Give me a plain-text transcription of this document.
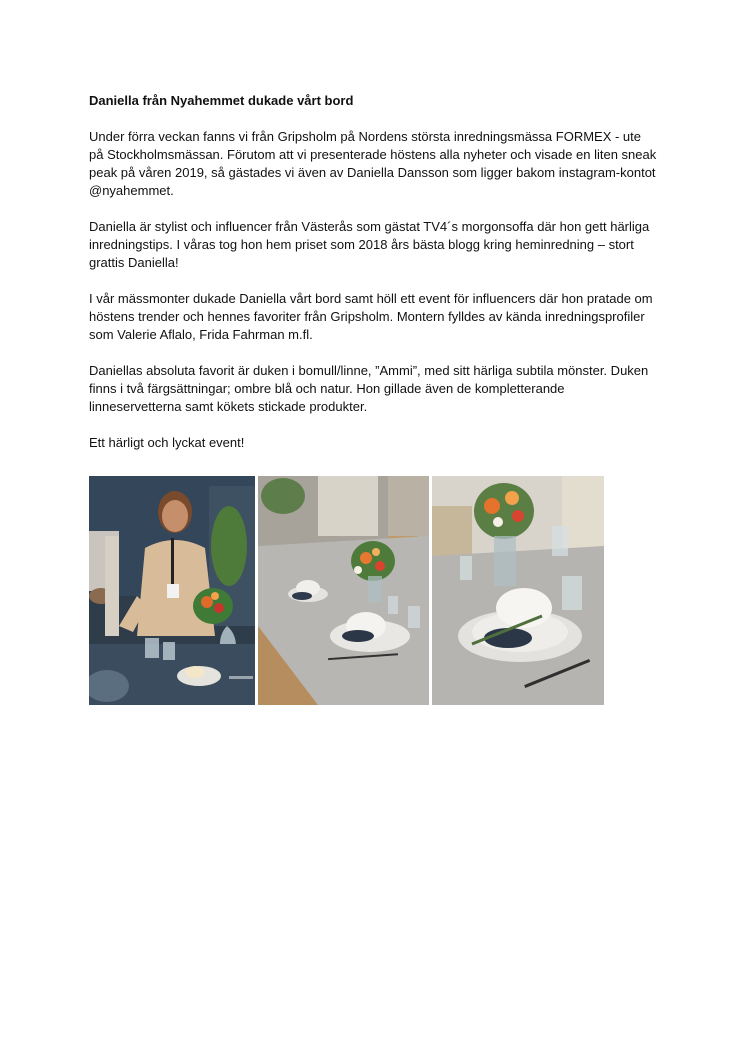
Daniella från Nyahemmet dukade vårt bord

Under förra veckan fanns vi från Gripsholm på Nordens största inredningsmässa FORMEX - ute på Stockholmsmässan. Förutom att vi presenterade höstens alla nyheter och visade en liten sneak peak på våren 2019, så gästades vi även av Daniella Dansson som ligger bakom instagram-kontot @nyahemmet.

Daniella är stylist och influencer från Västerås som gästat TV4´s morgonsoffa där hon gett härliga inredningstips. I våras tog hon hem priset som 2018 års bästa blogg kring heminredning – stort grattis Daniella!

I vår mässmonter dukade Daniella vårt bord samt höll ett event för influencers där hon pratade om höstens trender och hennes favoriter från Gripsholm. Montern fylldes av kända inredningsprofiler som Valerie Aflalo, Frida Fahrman m.fl.

Daniellas absoluta favorit är duken i bomull/linne, ”Ammi”, med sitt härliga subtila mönster. Duken finns i två färgsättningar; ombre blå och natur. Hon gillade även de kompletterande linneservetterna samt kökets stickade produkter.

Ett härligt och lyckat event!
